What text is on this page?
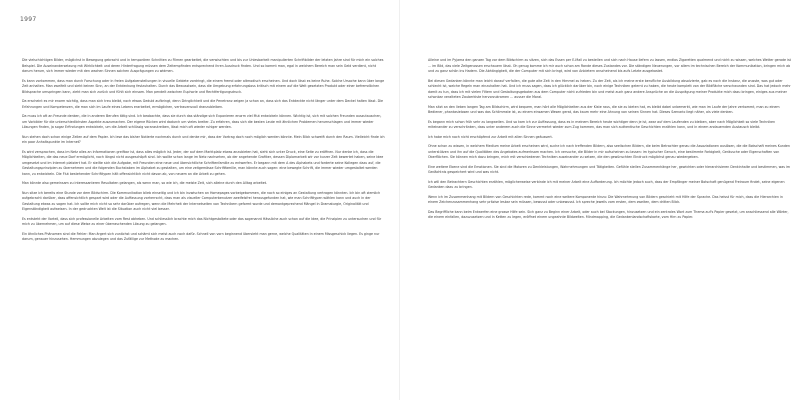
1997

Die vielschichtigen Bilder, möglichst in Bewegung gebracht und in temporären Schnitten zu Filmen gearbeitet, die verwischten und bis zur Unlesbarkeit manipulierten Schriftbilder der letzten Jahre sind für mich ein solches Beispiel. Die Auseinandersetzung mit Wirklichkeit und deren Hinterfragung müssen dem Zeitempfinden entsprechend ihren Ausdruck finden. Und so kommt man, egal in welchem Bereich man sein Geld verdient, nicht darum herum, sich immer wieder mit den wachen Sinnen solchen Ausprägungen zu widmen.

Es kann vorkommen, dass man durch Forschung oder in freien Aufgabenstellungen in visuelle Gebiete vordringt, die einem fremd oder altmodisch erscheinen. Und doch lässt es keine Ruhe. Solche Ursache kann über lange Zeit anhalten. Man zweifelt und sieht keinen Sinn, an der Entdeckung festzuhalten. Durch das Bewusstsein, dass die Umgebung erfahrungsloss kritisch mit einem auf die Welt gesetzten Produkt oder einer befremdlichen Bildsprache umspringen kann, zieht man sich zurück und fühlt sich einsam. Man pendelt zwischen Euphorie und Rechtfertigungsdruck.

Da erscheint es mir enorm wichtig, dass man sich treu bleibt, noch etwas Geduld aufbringt, denn Dringlichkeit und die Penetranz zeigen ja schon an, dass sich das Entdeckte nicht länger unter dem Deckel halten lässt. Die Erfahrungen und Kompetenzen, die man sich im Laufe eines Lebens erarbeitet, ermöglichen, vertrauensvoll dranzubleiben.

Da muss ich oft an Freunde denken, die in anderen Berufen tätig sind. Ich beobachte, dass sie durch das ständige sich Exponieren enorm viel Mut entwickeln können. Wichtig ist, sich mit solchen Freunden auszutauschen, um Vorbilder für die unterschiedlichsten Aspekte auszumachen. Der eigene Rücken wird dadurch um vieles breiter. Zu erfahren, dass sich die besten Leute mit ähnlichen Problemen herumschlagen und immer wieder Lösungen finden, ja sogar Erfindungen entwickeln, um die Arbeit schlüssig voranzutreiben, lässt mich oft wieder ruhiger werden.

Nun stehen doch schon einige Zeilen auf dem Papier. Ich lese das bisher Notierte nochmals durch und denke mir, dass der Vortrag doch noch möglich werden könnte. Mein Blick schweift durch den Raum. Vielleicht finde ich ein paar Anhaltspunkte im Internet?

Es wird versprochen, dass im Netz alles an Informationen greifbar ist, dass alles möglich ist. Jeder, der auf dem Marktplatz etwas anzubieten hat, sieht sich unter Druck, eine Seite zu eröffnen. Nur denke ich, dass die Möglichkeiten, die das neue Dorf ermöglicht, noch längst nicht ausgeschöpft sind. Ich wollte schon lange im Netz nachsehen, ob der angehende Grafiker, dessen Diplomarbeit wir vor kurzer Zeit bewertet haben, seine Idee umgesetzt und im Internet platziert hat. Er stellte sich die Aufgabe, mit Freunden eine neue und übersichtliche Schriftenfamilie zu entwerfen. Er begann mit dem A des Alphabets und forderte seine Kollegen dazu auf, die Gestaltungsprinzipien zu übernehmen und die folgenden Buchstaben im Alphabet zu gestalten, um eine zeitgemässe Schriftfamilie, man könnte auch sagen: eine bewegte Schrift, die immer wieder umgestaltet werden kann, zu entwickeln. Die Flut bestehender Schrifttypen hält offensichtlich nicht davon ab, von neuem an die Arbeit zu gehen.

Man könnte also gemeinsam zu interessanteren Resultaten gelangen, als wenn man, so wie ich, die meiste Zeit, sich alleine durch den Alltag arbeitet.

Nun sitze ich bereits eine Stunde vor dem Bildschirm. Die Kommunikation blieb einseitig und ich bin inzwischen an Homepages vorbeigekommen, die noch so einiges an Gestaltung vertragen könnten. Ich bin oft ziemlich aufgebracht darüber, dass offensichtlich gespart wird oder die Auffassung vorherrscht, dass man als visueller Computerbenutzer zweifelsfrei herausgefunden hat, wie man Schrifttypen wählen kann und auch in der Gestaltung etwas zu sagen hat. Ich sollte mich nicht so sehr darüber aufregen, wenn die Mehrheit der Internetseiten von Technikern geformt wurde und demontgeprechend Mängel in Dramaturgie, Originalität und Eigenständigkeit aufweisen. In der gedruckten Welt ist die Situation auch nicht viel besser.

Es entsteht der Vorteil, dass sich professionelle Arbeiten vom Rest abheben. Und schliesslich brachte mich das Nichtgestaltete oder das sogenannt Hässliche auch schon auf die Idee, die Prinzipien zu untersuchen und für mich zu übernehmen, um auf diese Weise zu einer überraschenden Lösung zu gelangen.

Ein ähnliches Phänomen sind die Fehler: Man ärgert sich zunächst und schämt sich meist auch noch dafür. Schnell von vorn beginnend übersieht man gerne, welche Qualitäten in einem Missgeschick liegen. Es ginge nur darum, genauer hinzusehen. Hemmungen abzulegen und das Zufällige zur Methode zu machen.

Alleine und im Pyjama den ganzen Tag vor dem Bildschirm zu sitzen, sich das Essen per E-Mail zu bestellen und sich nach Hause liefern zu lassen, endlos Zigaretten qualmend und nicht zu wissen, welches Wetter gerade ist ... im Bild, das viele Zeitgenossen erschauern lässt. Oh genug komme ich mir auch schon am Rande dieses Zustandes vor. Die ständigen Neuerungen, vor allem im technischen Bereich der Kommunikation, bringen mich ab und zu ganz schön ins Hadern. Die Abhängigkeit, die der Computer mit sich bringt, wird von Anbietern anscheinend bis aufs Letzte ausgekostet.

Bei diesen Gedanken könnte man leicht darauf verfallen, die gute alte Zeit in den Himmel zu heben. Zu der Zeit, als ich meine erste berufliche Ausbildung absolvierte, gab es noch die Instanz, die wusste, was gut oder schlecht ist, welche Regeln man einzuhalten hat. Und ich muss sagen, dass ich glücklich darüber bin, noch einige Techniken gelernt zu haben, die heute komplett von der Bildfläche verschwunden sind. Das hat jedoch mehr damit zu tun, dass ich mit vielen Filtern und Gestaltungsgeboten aus dem Computer nicht zufrieden bin und meist auch ganz andere Ansprüche an die Ausprägung meiner Produkte mich dazu bringen, einiges aus meiner schonbar veralteten Zauberkiste hervorzukramen ... ausser die Moral.

Man sitzt an den lieben langen Tag am Bildschirm, wird bequem, man hört alle Möglichkeiten aus der Kiste raus, die sie zu bieten hat, es bleibt dabei unbemerkt, wie man im Laufe der Jahre verkommt, man zu einem Bediener, phantasielosen und was das Schlimmste ist, zu einem einsamen Wesen gerat, das kaum mehr eine Ahnung von seinen Sinnen hat. Dieses Szenario liegt näher, als viele denken.

Es begann mich schon früh sehr zu langweilen. Und so kam ich zur Auffassung, dass es in meinem Bereich heute wichtiger denn je ist, zwar auf dem Laufenden zu bleiben, aber nach Möglichkeit so viele Techniken miteinander zu verschränken, dass unter anderem auch die Sinne vermehrt wieder zum Zug kommen, das man sich authentische Geschichten erzählen kann, und in einem andauernden Austausch bleibt.

Ich habe mich noch nicht erschöpfend zur Arbeit mit allen Sinnen geäussert.

Ohne schon zu wissen, in welchem Medium meine Arbeit erscheinen wird, suche ich nach treffenden Bildern, also seelischen Bildern, die beim Betrachter genau die Assoziationen auslösen, die die Botschaft meines Kunden unterstützen und ihn auf die Qualitäten des Angebotes aufmerksam machen. Ich versuche, die Bilder in mir aufscheinen zu lassen: im typischer Geruch, eine bestimmte Farbigkeit, Geräusche oder Eigenschaften von Oberflächen. Sie können mich dazu bringen, mich mit verschiedenen Techniken auseinander zu setzen, die den gewünschten Eindruck möglichst genau wiedergeben.

Eine weitere Ebene sind die Emotionen. Sie sind die Motoren zu Denkleistungen, Wahrnehmungen und Tätigkeiten. Gefühle stellen Zusammenhänge her, gewichten oder hierarchisieren Denkinhalte und bestimmen, was im Gedächtnis gespeichert wird und was nicht.

Ich will den Betrachtern Geschichten erzählen, möglicherweise verbinde ich mit meiner Arbeit eine Aufforderung. Ich möchte jedoch auch, dass der Empfänger meiner Botschaft genügend Freiraum findet, seine eigenen Gedanken dazu zu bringen.

Wenn ich im Zusammenhang mit Bildern von Geschichten rede, kommt noch eine weitere Komponente hinzu: Die Wahrnehmung von Bildern geschieht mit Hilfe der Sprache. Das heisst für mich, dass die Hierarchien in einem Zeichenzusammenhang sehr präzise lesbar sein müssen, bewusst oder unbewusst. Ich spreche jeweils vom ersten, dem zweiten, dem dritten Blick.

Das Begriffliche kann beim Entwerfen eine grosse Hilfe sein. Sich ganz zu Beginn einer Arbeit, oder auch bei Stockungen, hinzusetzen und ein zentrales Wort zum Thema auf's Papier gesetzt, um anschliessend alle Wörter, die einem einfallen, dazuzusetzen und in Ketten zu legen, eröffnet einem ungeahnte Bildwelten. Mindmapping, die Gedankenlandschaftskarte, vom Hirn zu Papier.
